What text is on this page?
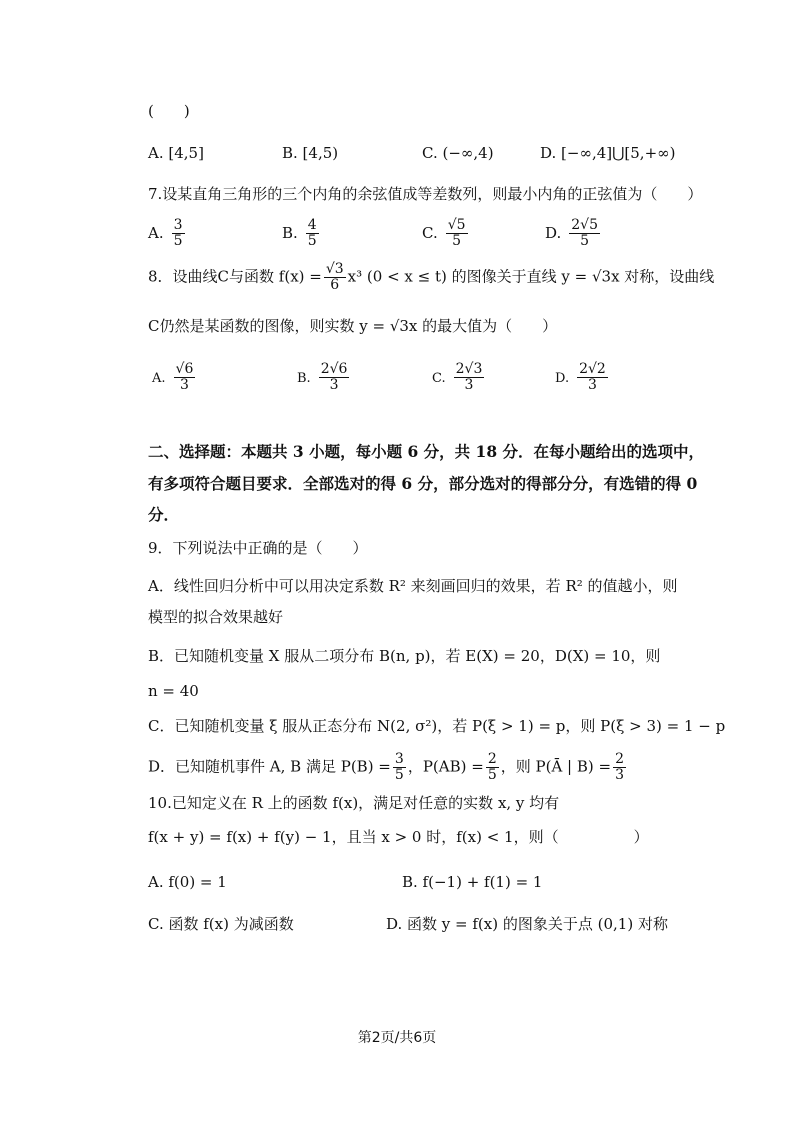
(　　)
A. [4,5]	B. [4,5)	C. (−∞,4)	D. [−∞,4]⋃[5,+∞)
7.设某直角三角形的三个内角的余弦值成等差数列，则最小内角的正弦值为（　　）
A. $\frac{3}{5}$	B. $\frac{4}{5}$	C. $\frac{√5}{5}$	D. $\frac{2√5}{5}$
8．设曲线C与函数 $f(x) = \frac{√3}{6} x^3$ (0 < x ≤ t) 的图像关于直线 y = √3x 对称，设曲线
C仍然是某函数的图像，则实数 y = √3x 的最大值为（　　）
A. $\frac{√6}{3}$	B. $\frac{2√6}{3}$	C. $\frac{2√3}{3}$	D. $\frac{2√2}{3}$
二、选择题：本题共 3 小题，每小题 6 分，共 18 分．在每小题给出的选项中，
有多项符合题目要求．全部选对的得 6 分，部分选对的得部分分，有选错的得 0
分．
9．下列说法中正确的是（　　）
A．线性回归分析中可以用决定系数 R² 来刻画回归的效果，若 R² 的值越小，则
模型的拟合效果越好
B．已知随机变量 X 服从二项分布 B(n, p)，若 E(X) = 20，D(X) = 10，则
n = 40
C．已知随机变量 ξ 服从正态分布 N(2, σ²)，若 P(ξ > 1) = p，则 P(ξ > 3) = 1 − p
D．已知随机事件 A, B 满足 $P(B) = \frac{3}{5}$ ，$P(AB) = \frac{2}{5}$ ，则 P(Ā | $B) = \frac{2}{3}$
10.已知定义在 R 上的函数 f(x)，满足对任意的实数 x, y 均有
f(x + y) = f(x) + f(y) − 1，且当 x > 0 时，f(x) < 1，则（　　　　　）
A. f(0) = 1	B. f(−1) + f(1) = 1
C. 函数 f(x) 为减函数	D. 函数 y = f(x) 的图象关于点 (0,1) 对称
第2页/共6页
